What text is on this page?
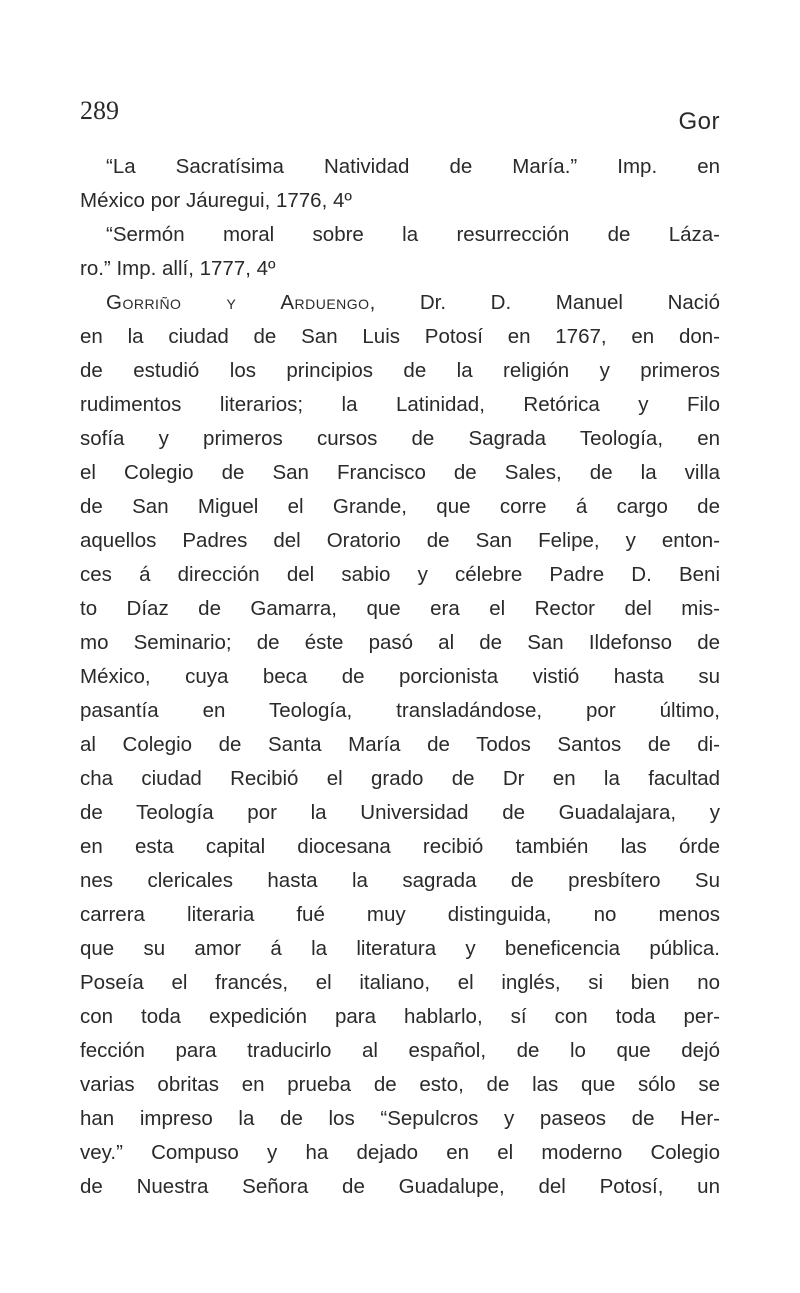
289	Gor
“La Sacratísima Natividad de María.” Imp. en
México por Jáuregui, 1776, 4º
“Sermón moral sobre la resurrección de Láza-
ro.” Imp. allí, 1777, 4º
Gorriño y Arduengo, Dr. D. Manuel Nació
en la ciudad de San Luis Potosí en 1767, en don-
de estudió los principios de la religión y primeros
rudimentos literarios; la Latinidad, Retórica y Filo
sofía y primeros cursos de Sagrada Teología, en
el Colegio de San Francisco de Sales, de la villa
de San Miguel el Grande, que corre á cargo de
aquellos Padres del Oratorio de San Felipe, y enton-
ces á dirección del sabio y célebre Padre D. Beni
to Díaz de Gamarra, que era el Rector del mis-
mo Seminario; de éste pasó al de San Ildefonso de
México, cuya beca de porcionista vistió hasta su
pasantía en Teología, transladándose, por último,
al Colegio de Santa María de Todos Santos de di-
cha ciudad Recibió el grado de Dr en la facultad
de Teología por la Universidad de Guadalajara, y
en esta capital diocesana recibió también las órde
nes clericales hasta la sagrada de presbítero Su
carrera literaria fué muy distinguida, no menos
que su amor á la literatura y beneficencia pública.
Poseía el francés, el italiano, el inglés, si bien no
con toda expedición para hablarlo, sí con toda per-
fección para traducirlo al español, de lo que dejó
varias obritas en prueba de esto, de las que sólo se
han impreso la de los “Sepulcros y paseos de Her-
vey.” Compuso y ha dejado en el moderno Colegio
de Nuestra Señora de Guadalupe, del Potosí, un
